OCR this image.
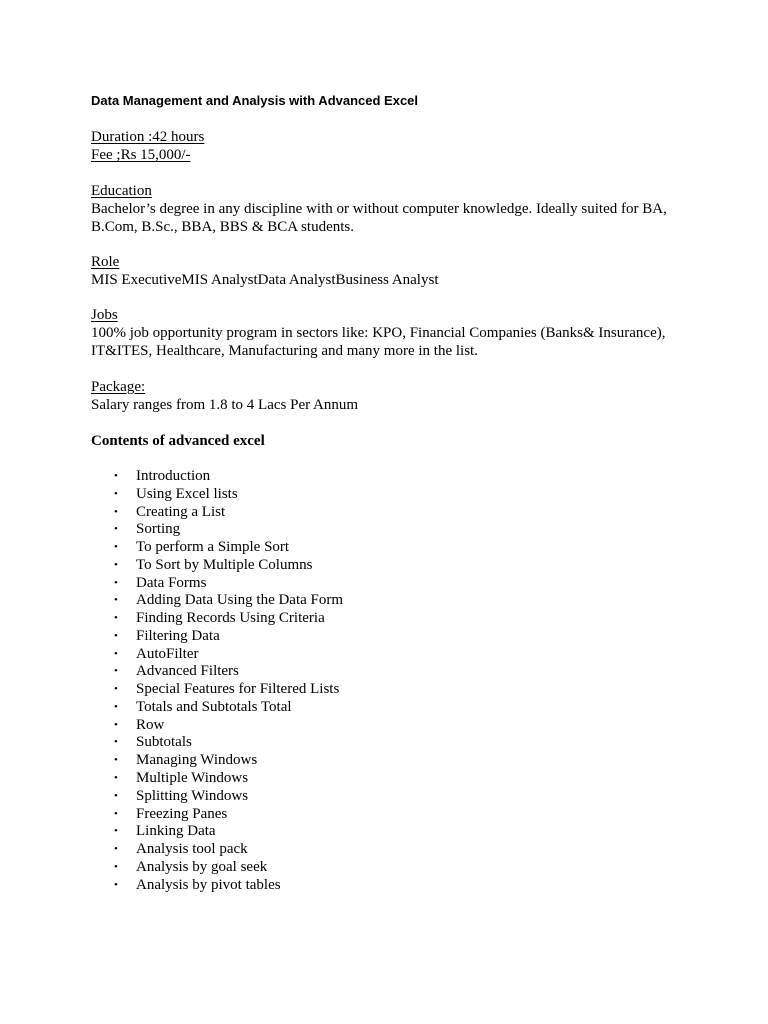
Data Management and Analysis with Advanced Excel
Duration :42 hours
Fee ;Rs 15,000/-
Education
Bachelor’s degree in any discipline with or without computer knowledge. Ideally suited for BA,
B.Com, B.Sc., BBA, BBS & BCA students.
Role
MIS ExecutiveMIS AnalystData AnalystBusiness Analyst
Jobs
100% job opportunity program in sectors like: KPO, Financial Companies (Banks& Insurance),
IT&ITES, Healthcare, Manufacturing and many more in the list.
Package:
Salary ranges from 1.8 to 4 Lacs Per Annum
Contents of advanced excel
• Introduction
• Using Excel lists
• Creating a List
• Sorting
• To perform a Simple Sort
• To Sort by Multiple Columns
• Data Forms
• Adding Data Using the Data Form
• Finding Records Using Criteria
• Filtering Data
• AutoFilter
• Advanced Filters
• Special Features for Filtered Lists
• Totals and Subtotals Total
• Row
• Subtotals
• Managing Windows
• Multiple Windows
• Splitting Windows
• Freezing Panes
• Linking Data
• Analysis tool pack
• Analysis by goal seek
• Analysis by pivot tables
